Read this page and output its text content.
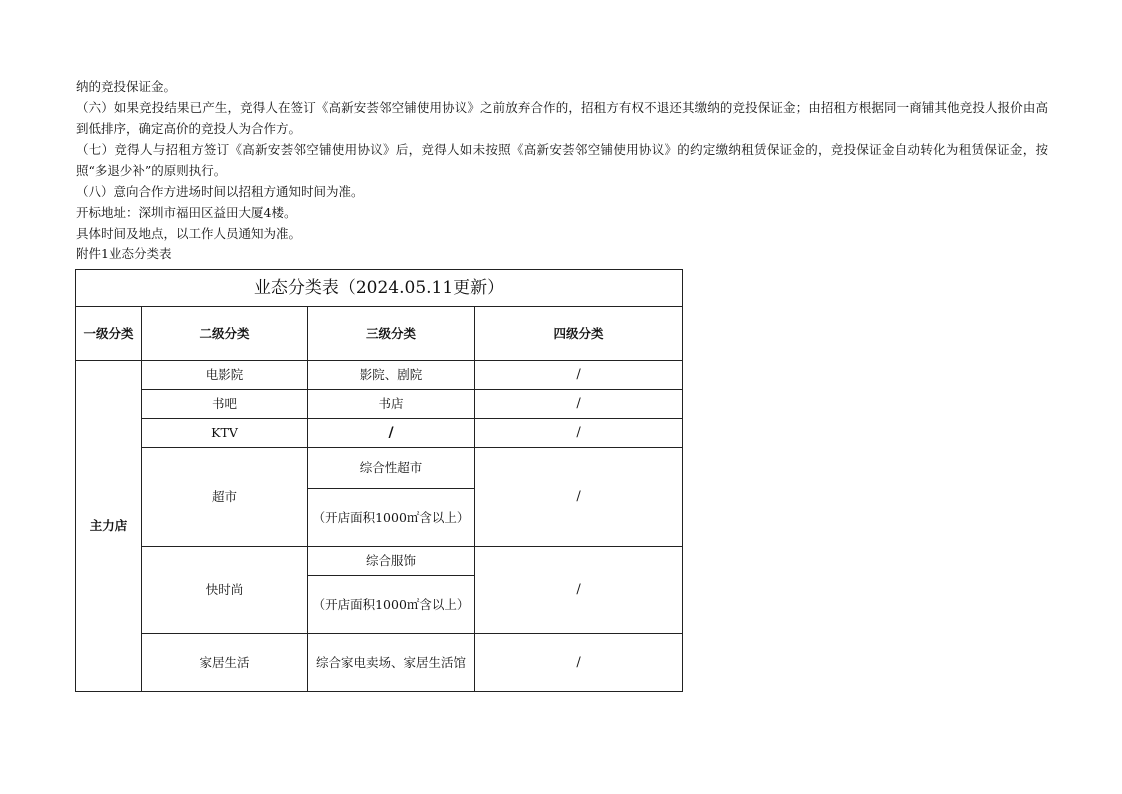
纳的竞投保证金。

（六）如果竞投结果已产生，竞得人在签订《高新安荟邻空铺使用协议》之前放弃合作的，招租方有权不退还其缴纳的竞投保证金；由招租方根据同一商铺其他竞投人报价由高到低排序，确定高价的竞投人为合作方。

（七）竞得人与招租方签订《高新安荟邻空铺使用协议》后，竞得人如未按照《高新安荟邻空铺使用协议》的约定缴纳租赁保证金的，竞投保证金自动转化为租赁保证金，按照“多退少补”的原则执行。

（八）意向合作方进场时间以招租方通知时间为准。

开标地址：深圳市福田区益田大厦4楼。

具体时间及地点，以工作人员通知为准。

附件1业态分类表

业态分类表（2024.05.11更新）			
一级分类	二级分类	三级分类	四级分类
主力店	电影院	影院、剧院	/
	书吧	书店	/
	KTV	/	/
	超市	综合性超市	/
		（开店面积1000㎡含以上）	
	快时尚	综合服饰	/
		（开店面积1000㎡含以上）	
	家居生活	综合家电卖场、家居生活馆	/
